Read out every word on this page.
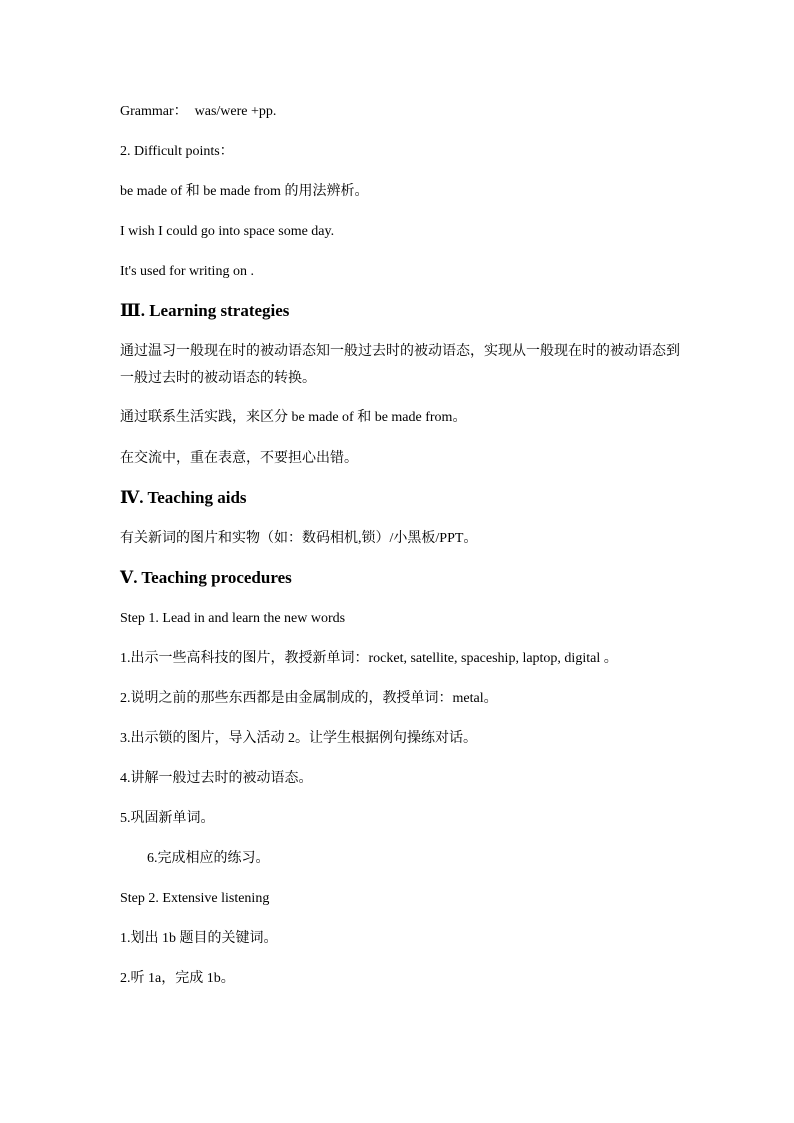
Grammar：　was/were +pp.
2. Difficult points：
be made of 和 be made from 的用法辨析。
I wish I could go into space some day.
It's used for writing on .
Ⅲ. Learning strategies
通过温习一般现在时的被动语态知一般过去时的被动语态，实现从一般现在时的被动语态到一般过去时的被动语态的转换。
通过联系生活实践，来区分 be made of 和 be made from。
在交流中，重在表意，不要担心出错。
Ⅳ. Teaching aids
有关新词的图片和实物（如：数码相机,锁）/小黑板/PPT。
Ⅴ. Teaching procedures
Step 1. Lead in and learn the new words
1.出示一些高科技的图片，教授新单词：rocket, satellite, spaceship, laptop, digital 。
2.说明之前的那些东西都是由金属制成的，教授单词：metal。
3.出示锁的图片，导入活动 2。让学生根据例句操练对话。
4.讲解一般过去时的被动语态。
5.巩固新单词。
6.完成相应的练习。
Step 2. Extensive listening
1.划出 1b 题目的关键词。
2.听 1a，完成 1b。
